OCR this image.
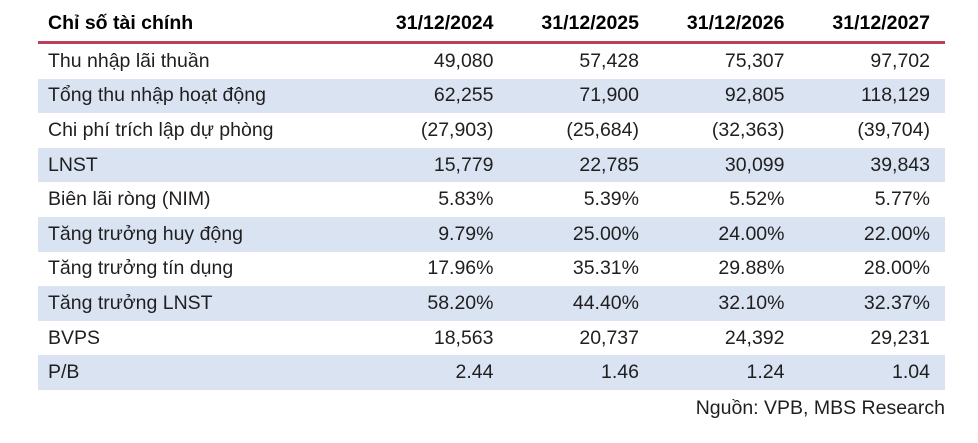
Chỉ số tài chính	31/12/2024	31/12/2025	31/12/2026	31/12/2027
Thu nhập lãi thuần	49,080	57,428	75,307	97,702
Tổng thu nhập hoạt động	62,255	71,900	92,805	118,129
Chi phí trích lập dự phòng	(27,903)	(25,684)	(32,363)	(39,704)
LNST	15,779	22,785	30,099	39,843
Biên lãi ròng (NIM)	5.83%	5.39%	5.52%	5.77%
Tăng trưởng huy động	9.79%	25.00%	24.00%	22.00%
Tăng trưởng tín dụng	17.96%	35.31%	29.88%	28.00%
Tăng trưởng LNST	58.20%	44.40%	32.10%	32.37%
BVPS	18,563	20,737	24,392	29,231
P/B	2.44	1.46	1.24	1.04
Nguồn: VPB, MBS Research
